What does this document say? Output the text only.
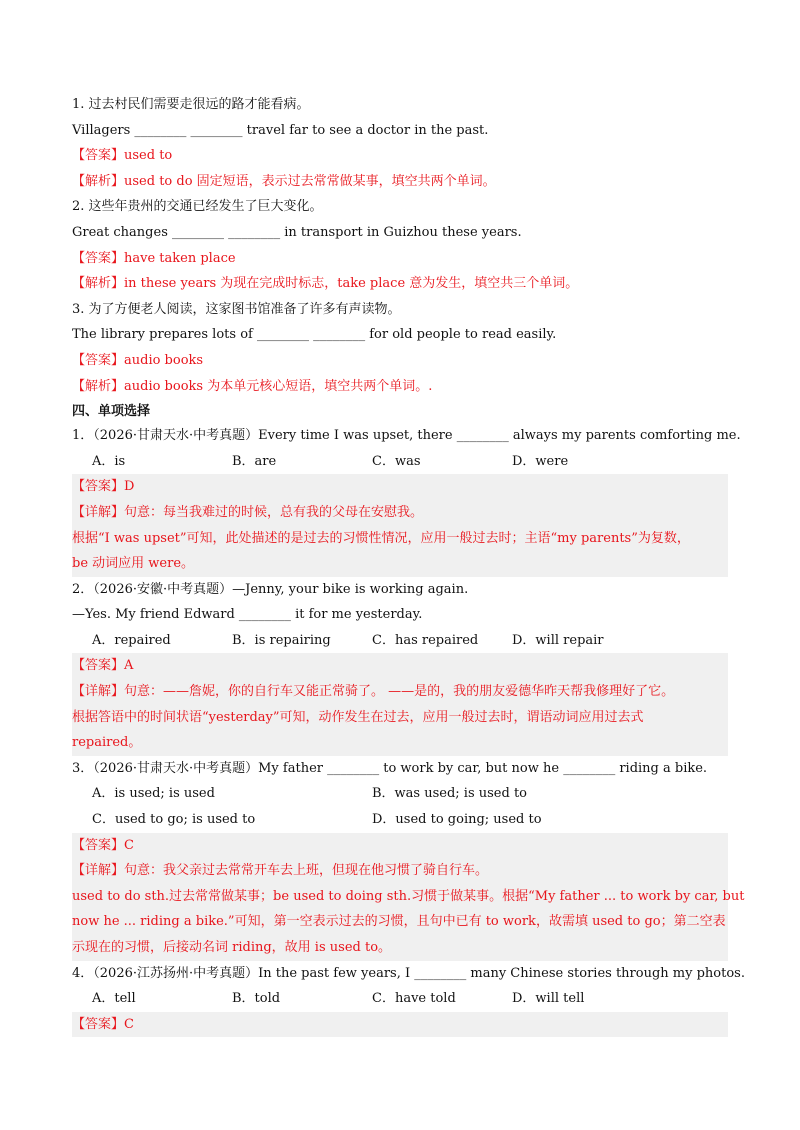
1. 过去村民们需要走很远的路才能看病。
Villagers ________ ________ travel far to see a doctor in the past.
【答案】used to
【解析】used to do 固定短语，表示过去常常做某事，填空共两个单词。
2. 这些年贵州的交通已经发生了巨大变化。
Great changes ________ ________ in transport in Guizhou these years.
【答案】have taken place
【解析】in these years 为现在完成时标志，take place 意为发生，填空共三个单词。
3. 为了方便老人阅读，这家图书馆准备了许多有声读物。
The library prepares lots of ________ ________ for old people to read easily.
【答案】audio books
【解析】audio books 为本单元核心短语，填空共两个单词。.
四、单项选择
1．（2026·甘肃天水·中考真题）Every time I was upset, there ________ always my parents comforting me.
A．is	B．are	C．was	D．were
【答案】D
【详解】句意：每当我难过的时候，总有我的父母在安慰我。
根据“I was upset”可知，此处描述的是过去的习惯性情况，应用一般过去时；主语“my parents”为复数，
be 动词应用 were。
2．（2026·安徽·中考真题）—Jenny, your bike is working again.
—Yes. My friend Edward ________ it for me yesterday.
A．repaired	B．is repairing	C．has repaired	D．will repair
【答案】A
【详解】句意：——詹妮，你的自行车又能正常骑了。 ——是的，我的朋友爱德华昨天帮我修理好了它。
根据答语中的时间状语“yesterday”可知，动作发生在过去，应用一般过去时，谓语动词应用过去式
repaired。
3．（2026·甘肃天水·中考真题）My father ________ to work by car, but now he ________ riding a bike.
A．is used; is used	B．was used; is used to
C．used to go; is used to	D．used to going; used to
【答案】C
【详解】句意：我父亲过去常常开车去上班，但现在他习惯了骑自行车。
used to do sth.过去常常做某事；be used to doing sth.习惯于做某事。根据“My father ... to work by car, but
now he ... riding a bike.”可知，第一空表示过去的习惯，且句中已有 to work，故需填 used to go；第二空表
示现在的习惯，后接动名词 riding，故用 is used to。
4．（2026·江苏扬州·中考真题）In the past few years, I ________ many Chinese stories through my photos.
A．tell	B．told	C．have told	D．will tell
【答案】C
